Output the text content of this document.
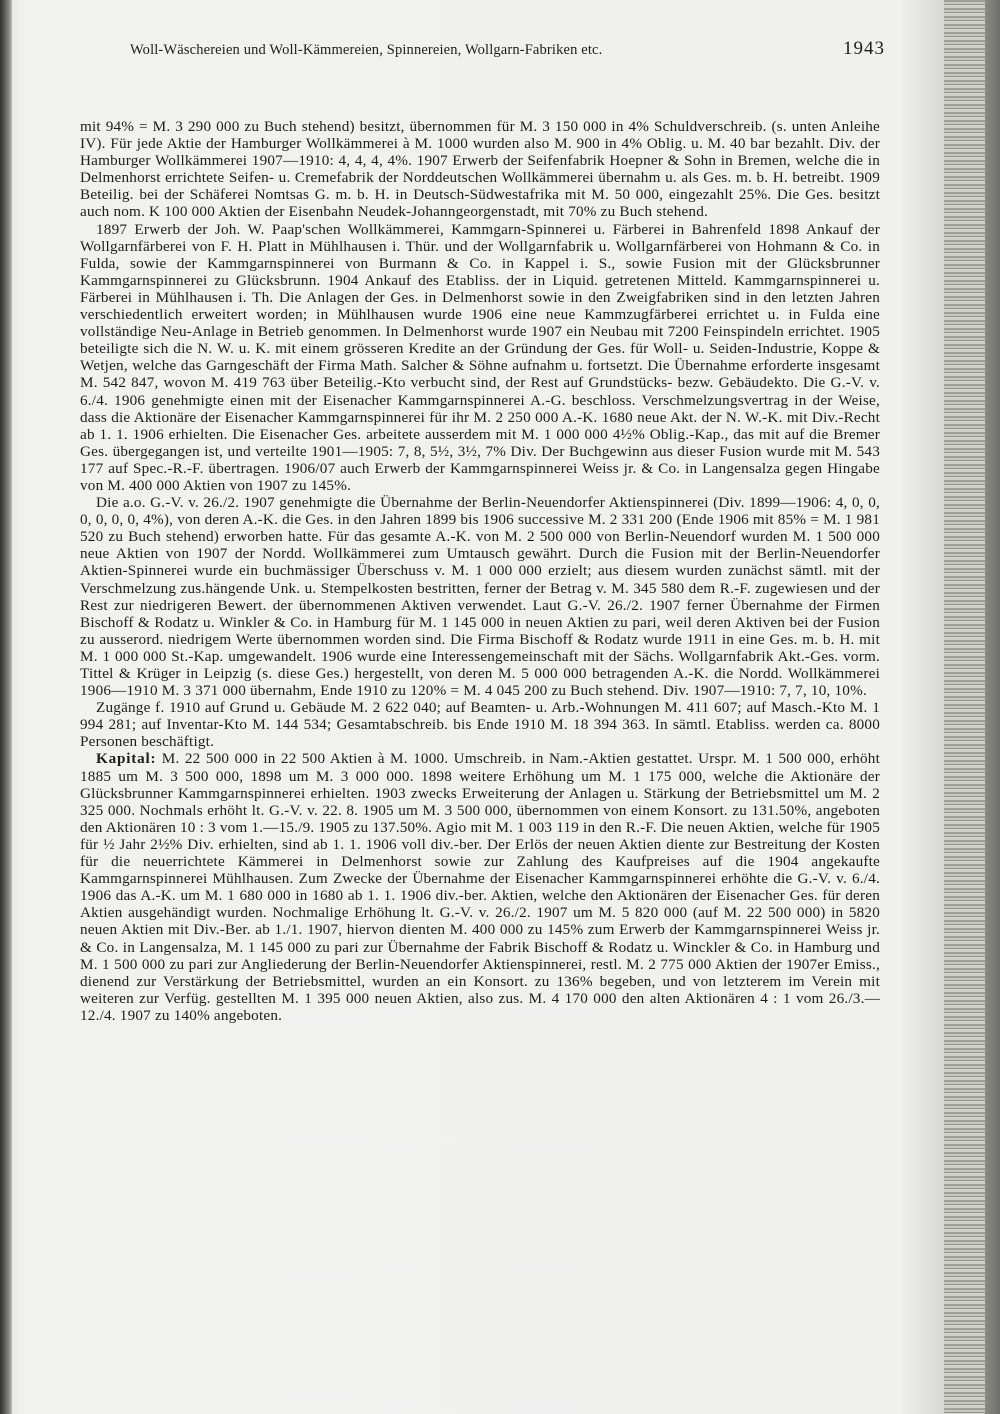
Woll-Wäschereien und Woll-Kämmereien, Spinnereien, Wollgarn-Fabriken etc.	1943

mit 94% = M. 3 290 000 zu Buch stehend) besitzt, übernommen für M. 3 150 000 in 4% Schuldverschreib. (s. unten Anleihe IV). Für jede Aktie der Hamburger Wollkämmerei à M. 1000 wurden also M. 900 in 4% Oblig. u. M. 40 bar bezahlt. Div. der Hamburger Wollkämmerei 1907—1910: 4, 4, 4, 4%. 1907 Erwerb der Seifenfabrik Hoepner & Sohn in Bremen, welche die in Delmenhorst errichtete Seifen- u. Cremefabrik der Norddeutschen Wollkämmerei übernahm u. als Ges. m. b. H. betreibt. 1909 Beteilig. bei der Schäferei Nomtsas G. m. b. H. in Deutsch-Südwestafrika mit M. 50 000, eingezahlt 25%. Die Ges. besitzt auch nom. K 100 000 Aktien der Eisenbahn Neudek-Johanngeorgenstadt, mit 70% zu Buch stehend.

1897 Erwerb der Joh. W. Paap'schen Wollkämmerei, Kammgarn-Spinnerei u. Färberei in Bahrenfeld 1898 Ankauf der Wollgarnfärberei von F. H. Platt in Mühlhausen i. Thür. und der Wollgarnfabrik u. Wollgarnfärberei von Hohmann & Co. in Fulda, sowie der Kammgarnspinnerei von Burmann & Co. in Kappel i. S., sowie Fusion mit der Glücksbrunner Kammgarnspinnerei zu Glücksbrunn. 1904 Ankauf des Etabliss. der in Liquid. getretenen Mitteld. Kammgarnspinnerei u. Färberei in Mühlhausen i. Th. Die Anlagen der Ges. in Delmenhorst sowie in den Zweigfabriken sind in den letzten Jahren verschiedentlich erweitert worden; in Mühlhausen wurde 1906 eine neue Kammzugfärberei errichtet u. in Fulda eine vollständige Neu-Anlage in Betrieb genommen. In Delmenhorst wurde 1907 ein Neubau mit 7200 Feinspindeln errichtet. 1905 beteiligte sich die N. W. u. K. mit einem grösseren Kredite an der Gründung der Ges. für Woll- u. Seiden-Industrie, Koppe & Wetjen, welche das Garngeschäft der Firma Math. Salcher & Söhne aufnahm u. fortsetzt. Die Übernahme erforderte insgesamt M. 542 847, wovon M. 419 763 über Beteilig.-Kto verbucht sind, der Rest auf Grundstücks- bezw. Gebäudekto. Die G.-V. v. 6./4. 1906 genehmigte einen mit der Eisenacher Kammgarnspinnerei A.-G. beschloss. Verschmelzungsvertrag in der Weise, dass die Aktionäre der Eisenacher Kammgarnspinnerei für ihr M. 2 250 000 A.-K. 1680 neue Akt. der N. W.-K. mit Div.-Recht ab 1. 1. 1906 erhielten. Die Eisenacher Ges. arbeitete ausserdem mit M. 1 000 000 4½% Oblig.-Kap., das mit auf die Bremer Ges. übergegangen ist, und verteilte 1901—1905: 7, 8, 5½, 3½, 7% Div. Der Buchgewinn aus dieser Fusion wurde mit M. 543 177 auf Spec.-R.-F. übertragen. 1906/07 auch Erwerb der Kammgarnspinnerei Weiss jr. & Co. in Langensalza gegen Hingabe von M. 400 000 Aktien von 1907 zu 145%.

Die a.o. G.-V. v. 26./2. 1907 genehmigte die Übernahme der Berlin-Neuendorfer Aktienspinnerei (Div. 1899—1906: 4, 0, 0, 0, 0, 0, 0, 4%), von deren A.-K. die Ges. in den Jahren 1899 bis 1906 successive M. 2 331 200 (Ende 1906 mit 85% = M. 1 981 520 zu Buch stehend) erworben hatte. Für das gesamte A.-K. von M. 2 500 000 von Berlin-Neuendorf wurden M. 1 500 000 neue Aktien von 1907 der Nordd. Wollkämmerei zum Umtausch gewährt. Durch die Fusion mit der Berlin-Neuendorfer Aktien-Spinnerei wurde ein buchmässiger Überschuss v. M. 1 000 000 erzielt; aus diesem wurden zunächst sämtl. mit der Verschmelzung zus.hängende Unk. u. Stempelkosten bestritten, ferner der Betrag v. M. 345 580 dem R.-F. zugewiesen und der Rest zur niedrigeren Bewert. der übernommenen Aktiven verwendet. Laut G.-V. 26./2. 1907 ferner Übernahme der Firmen Bischoff & Rodatz u. Winkler & Co. in Hamburg für M. 1 145 000 in neuen Aktien zu pari, weil deren Aktiven bei der Fusion zu ausserord. niedrigem Werte übernommen worden sind. Die Firma Bischoff & Rodatz wurde 1911 in eine Ges. m. b. H. mit M. 1 000 000 St.-Kap. umgewandelt. 1906 wurde eine Interessengemeinschaft mit der Sächs. Wollgarnfabrik Akt.-Ges. vorm. Tittel & Krüger in Leipzig (s. diese Ges.) hergestellt, von deren M. 5 000 000 betragenden A.-K. die Nordd. Wollkämmerei 1906—1910 M. 3 371 000 übernahm, Ende 1910 zu 120% = M. 4 045 200 zu Buch stehend. Div. 1907—1910: 7, 7, 10, 10%.

Zugänge f. 1910 auf Grund u. Gebäude M. 2 622 040; auf Beamten- u. Arb.-Wohnungen M. 411 607; auf Masch.-Kto M. 1 994 281; auf Inventar-Kto M. 144 534; Gesamtabschreib. bis Ende 1910 M. 18 394 363. In sämtl. Etabliss. werden ca. 8000 Personen beschäftigt.

Kapital: M. 22 500 000 in 22 500 Aktien à M. 1000. Umschreib. in Nam.-Aktien gestattet. Urspr. M. 1 500 000, erhöht 1885 um M. 3 500 000, 1898 um M. 3 000 000. 1898 weitere Erhöhung um M. 1 175 000, welche die Aktionäre der Glücksbrunner Kammgarnspinnerei erhielten. 1903 zwecks Erweiterung der Anlagen u. Stärkung der Betriebsmittel um M. 2 325 000. Nochmals erhöht lt. G.-V. v. 22. 8. 1905 um M. 3 500 000, übernommen von einem Konsort. zu 131.50%, angeboten den Aktionären 10 : 3 vom 1.—15./9. 1905 zu 137.50%. Agio mit M. 1 003 119 in den R.-F. Die neuen Aktien, welche für 1905 für ½ Jahr 2½% Div. erhielten, sind ab 1. 1. 1906 voll div.-ber. Der Erlös der neuen Aktien diente zur Bestreitung der Kosten für die neuerrichtete Kämmerei in Delmenhorst sowie zur Zahlung des Kaufpreises auf die 1904 angekaufte Kammgarnspinnerei Mühlhausen. Zum Zwecke der Übernahme der Eisenacher Kammgarnspinnerei erhöhte die G.-V. v. 6./4. 1906 das A.-K. um M. 1 680 000 in 1680 ab 1. 1. 1906 div.-ber. Aktien, welche den Aktionären der Eisenacher Ges. für deren Aktien ausgehändigt wurden. Nochmalige Erhöhung lt. G.-V. v. 26./2. 1907 um M. 5 820 000 (auf M. 22 500 000) in 5820 neuen Aktien mit Div.-Ber. ab 1./1. 1907, hiervon dienten M. 400 000 zu 145% zum Erwerb der Kammgarnspinnerei Weiss jr. & Co. in Langensalza, M. 1 145 000 zu pari zur Übernahme der Fabrik Bischoff & Rodatz u. Winckler & Co. in Hamburg und M. 1 500 000 zu pari zur Angliederung der Berlin-Neuendorfer Aktienspinnerei, restl. M. 2 775 000 Aktien der 1907er Emiss., dienend zur Verstärkung der Betriebsmittel, wurden an ein Konsort. zu 136% begeben, und von letzterem im Verein mit weiteren zur Verfüg. gestellten M. 1 395 000 neuen Aktien, also zus. M. 4 170 000 den alten Aktionären 4 : 1 vom 26./3.—12./4. 1907 zu 140% angeboten.
